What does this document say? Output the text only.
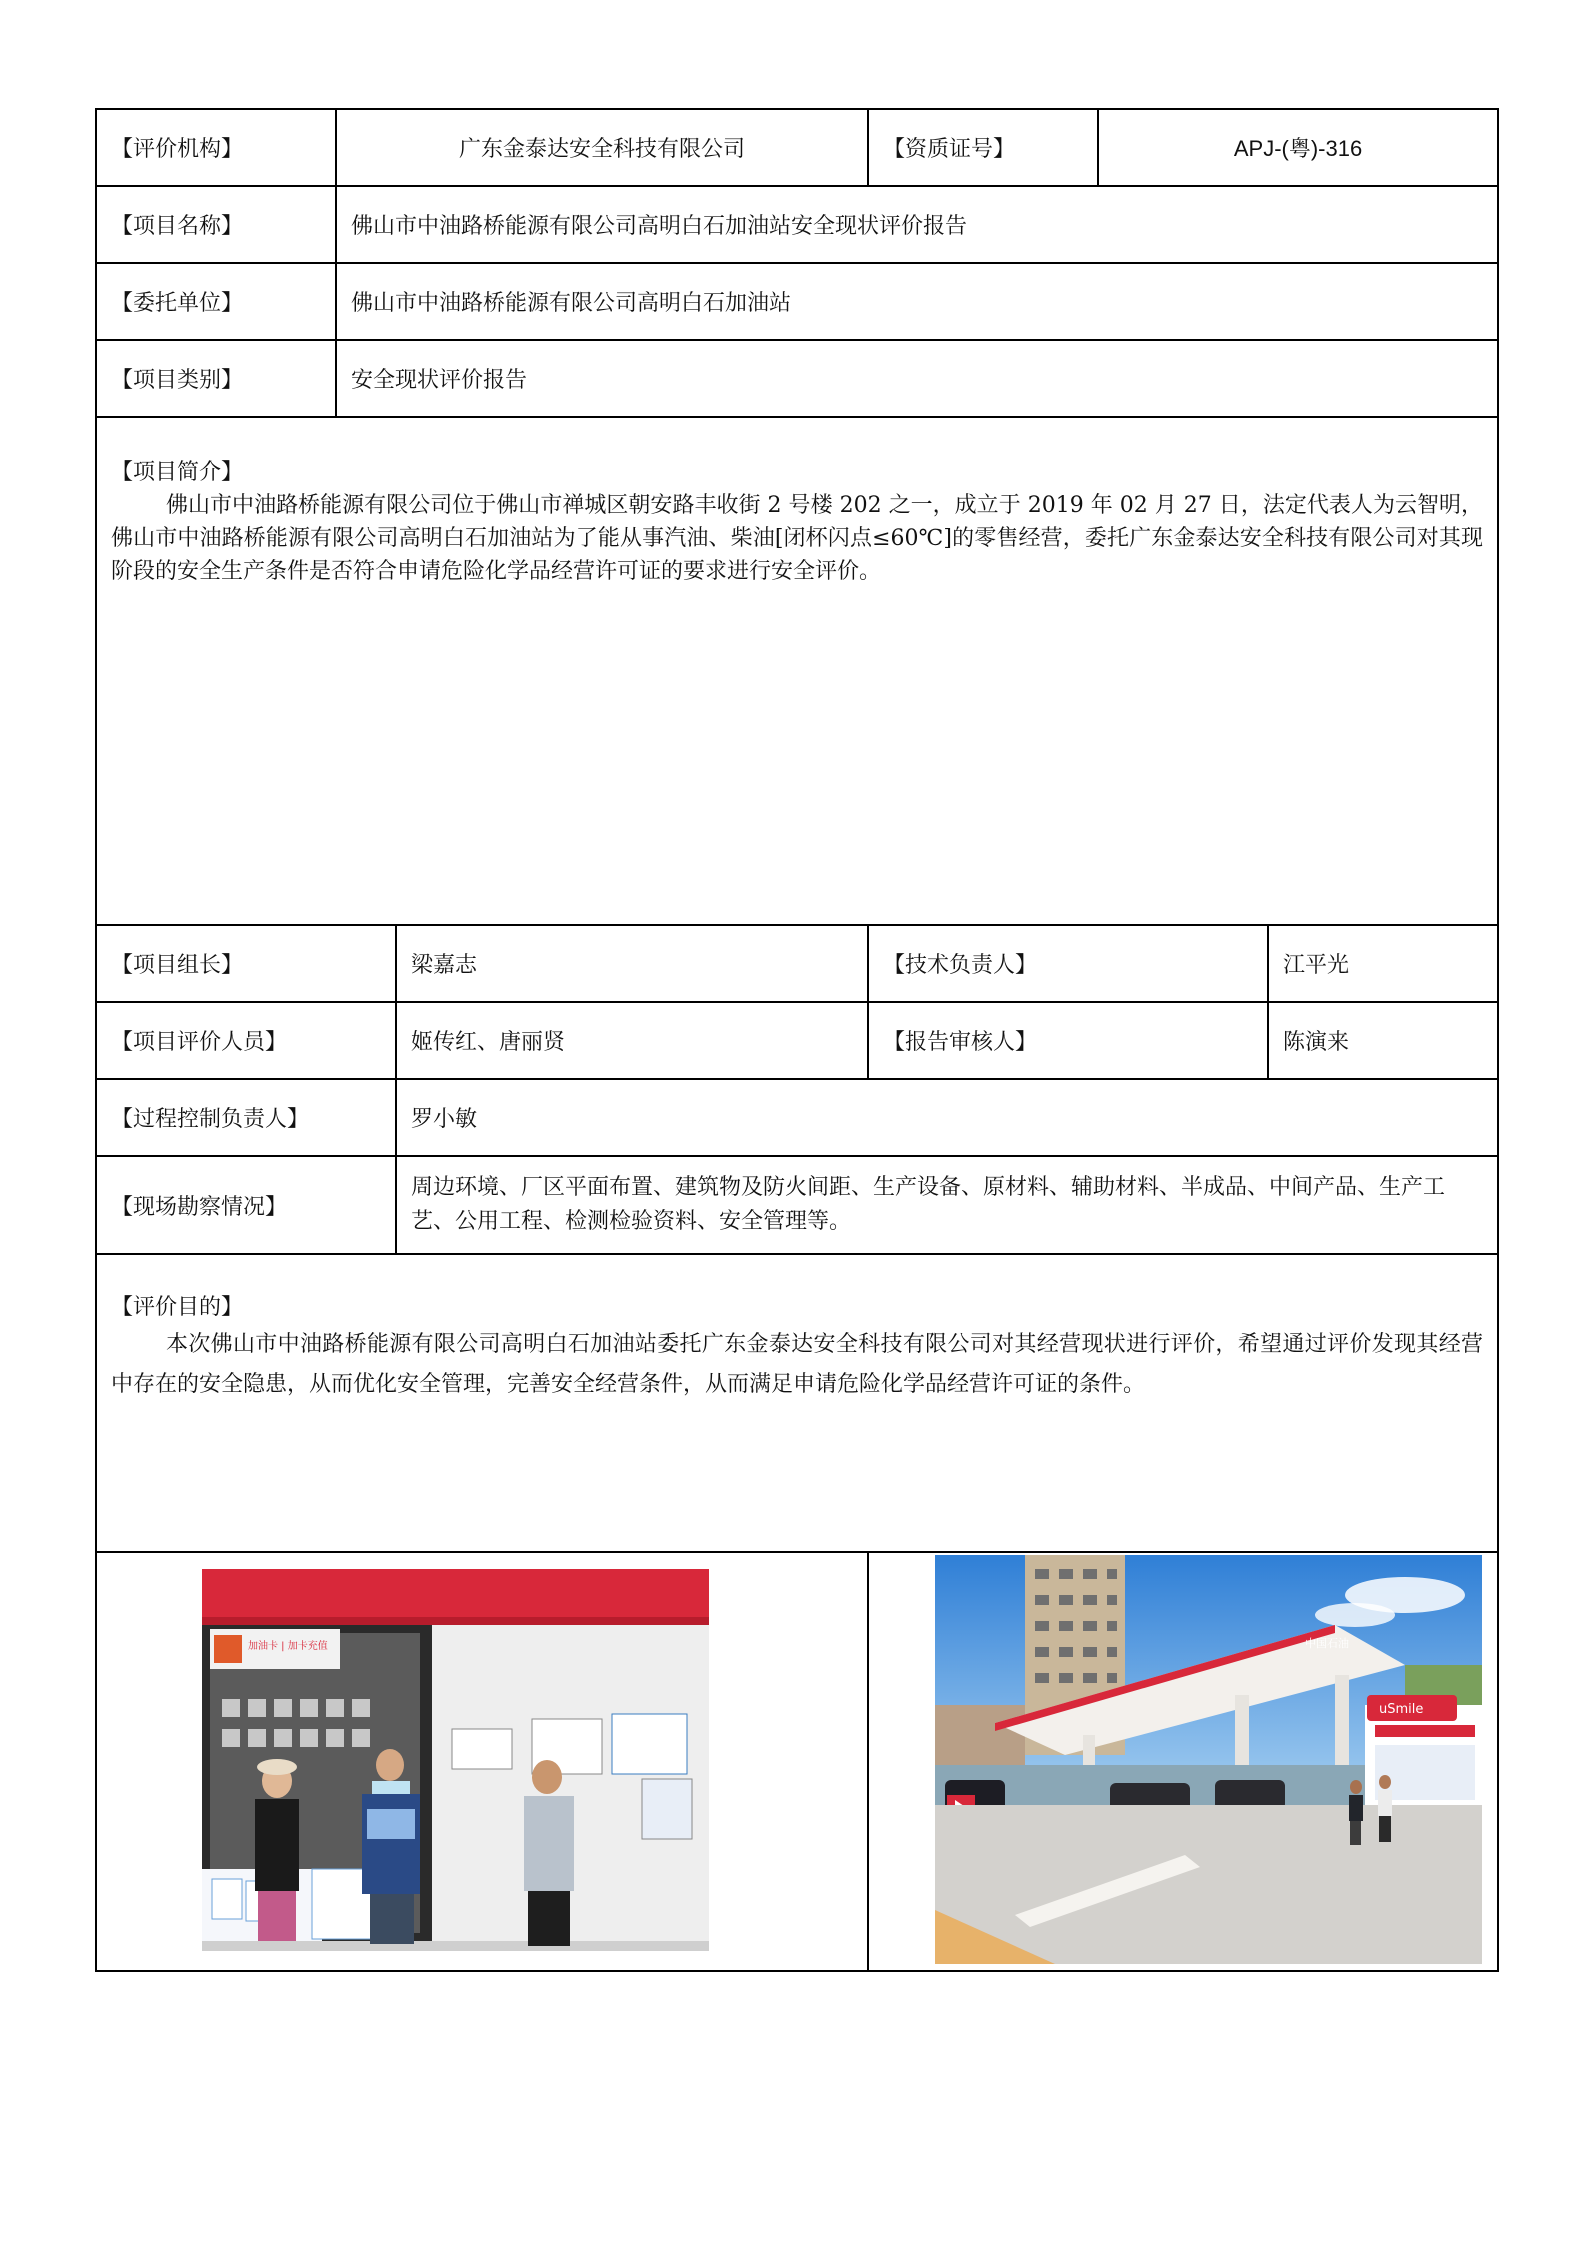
【评价机构】	广东金泰达安全科技有限公司		【资质证号】	APJ-(粤)-316	
【项目名称】	佛山市中油路桥能源有限公司高明白石加油站安全现状评价报告				
【委托单位】	佛山市中油路桥能源有限公司高明白石加油站				
【项目类别】	安全现状评价报告				

【项目简介】
佛山市中油路桥能源有限公司位于佛山市禅城区朝安路丰收街 2 号楼 202 之一，成立于 2019 年 02 月 27 日，法定代表人为云智明，佛山市中油路桥能源有限公司高明白石加油站为了能从事汽油、柴油[闭杯闪点≤60℃]的零售经营，委托广东金泰达安全科技有限公司对其现阶段的安全生产条件是否符合申请危险化学品经营许可证的要求进行安全评价。					

【项目组长】		梁嘉志	【技术负责人】		江平光
【项目评价人员】		姬传红、唐丽贤	【报告审核人】		陈演来
【过程控制负责人】		罗小敏			
【现场勘察情况】		周边环境、厂区平面布置、建筑物及防火间距、生产设备、原材料、辅助材料、半成品、中间产品、生产工艺、公用工程、检测检验资料、安全管理等。			

【评价目的】
本次佛山市中油路桥能源有限公司高明白石加油站委托广东金泰达安全科技有限公司对其经营现状进行评价，希望通过评价发现其经营中存在的安全隐患，从而优化安全管理，完善安全经营条件，从而满足申请危险化学品经营许可证的条件。					

加油卡 | 加卡充值			中国石油
uSmile		
